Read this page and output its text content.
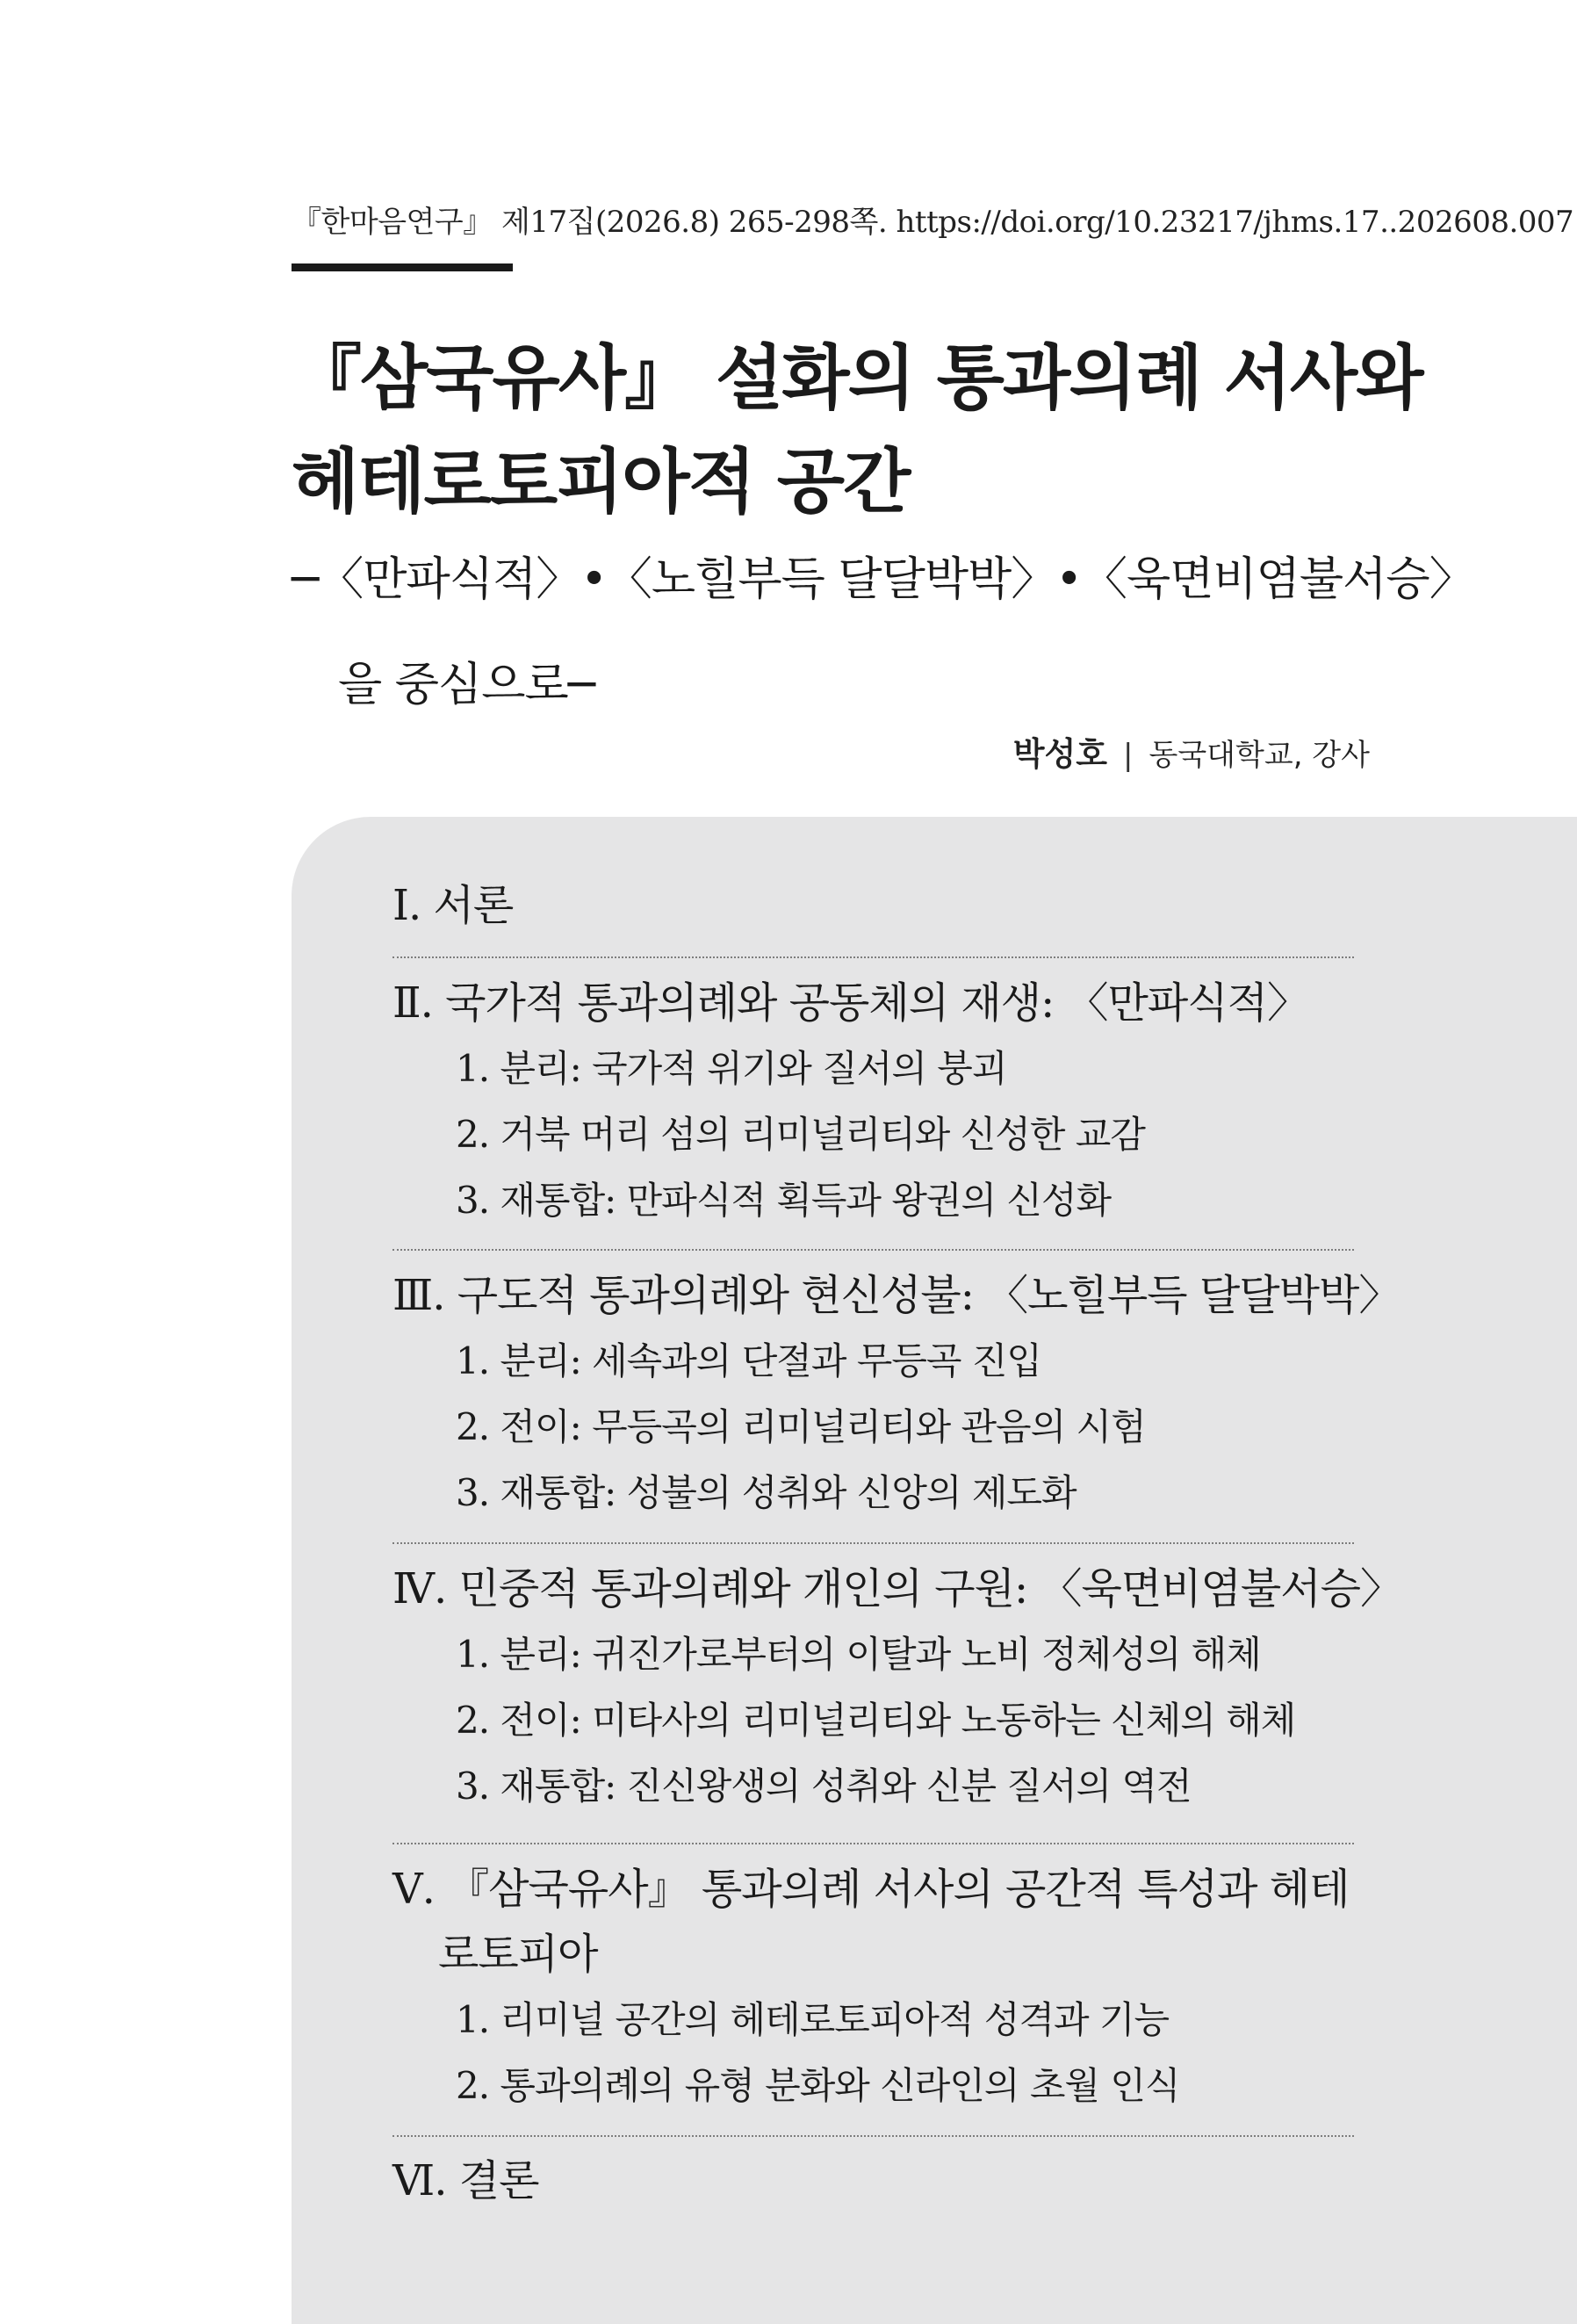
『한마음연구』 제17집(2026.8) 265-298쪽. https://doi.org/10.23217/jhms.17..202608.007
『삼국유사』 설화의 통과의례 서사와
헤테로토피아적 공간
─〈만파식적〉•〈노힐부득 달달박박〉•〈욱면비염불서승〉
을 중심으로─
박성호 | 동국대학교, 강사
Ⅰ. 서론
Ⅱ. 국가적 통과의례와 공동체의 재생: 〈만파식적〉
1. 분리: 국가적 위기와 질서의 붕괴
2. 거북 머리 섬의 리미널리티와 신성한 교감
3. 재통합: 만파식적 획득과 왕권의 신성화
Ⅲ. 구도적 통과의례와 현신성불: 〈노힐부득 달달박박〉
1. 분리: 세속과의 단절과 무등곡 진입
2. 전이: 무등곡의 리미널리티와 관음의 시험
3. 재통합: 성불의 성취와 신앙의 제도화
Ⅳ. 민중적 통과의례와 개인의 구원: 〈욱면비염불서승〉
1. 분리: 귀진가로부터의 이탈과 노비 정체성의 해체
2. 전이: 미타사의 리미널리티와 노동하는 신체의 해체
3. 재통합: 진신왕생의 성취와 신분 질서의 역전
Ⅴ. 『삼국유사』 통과의례 서사의 공간적 특성과 헤테로토피아
1. 리미널 공간의 헤테로토피아적 성격과 기능
2. 통과의례의 유형 분화와 신라인의 초월 인식
Ⅵ. 결론
